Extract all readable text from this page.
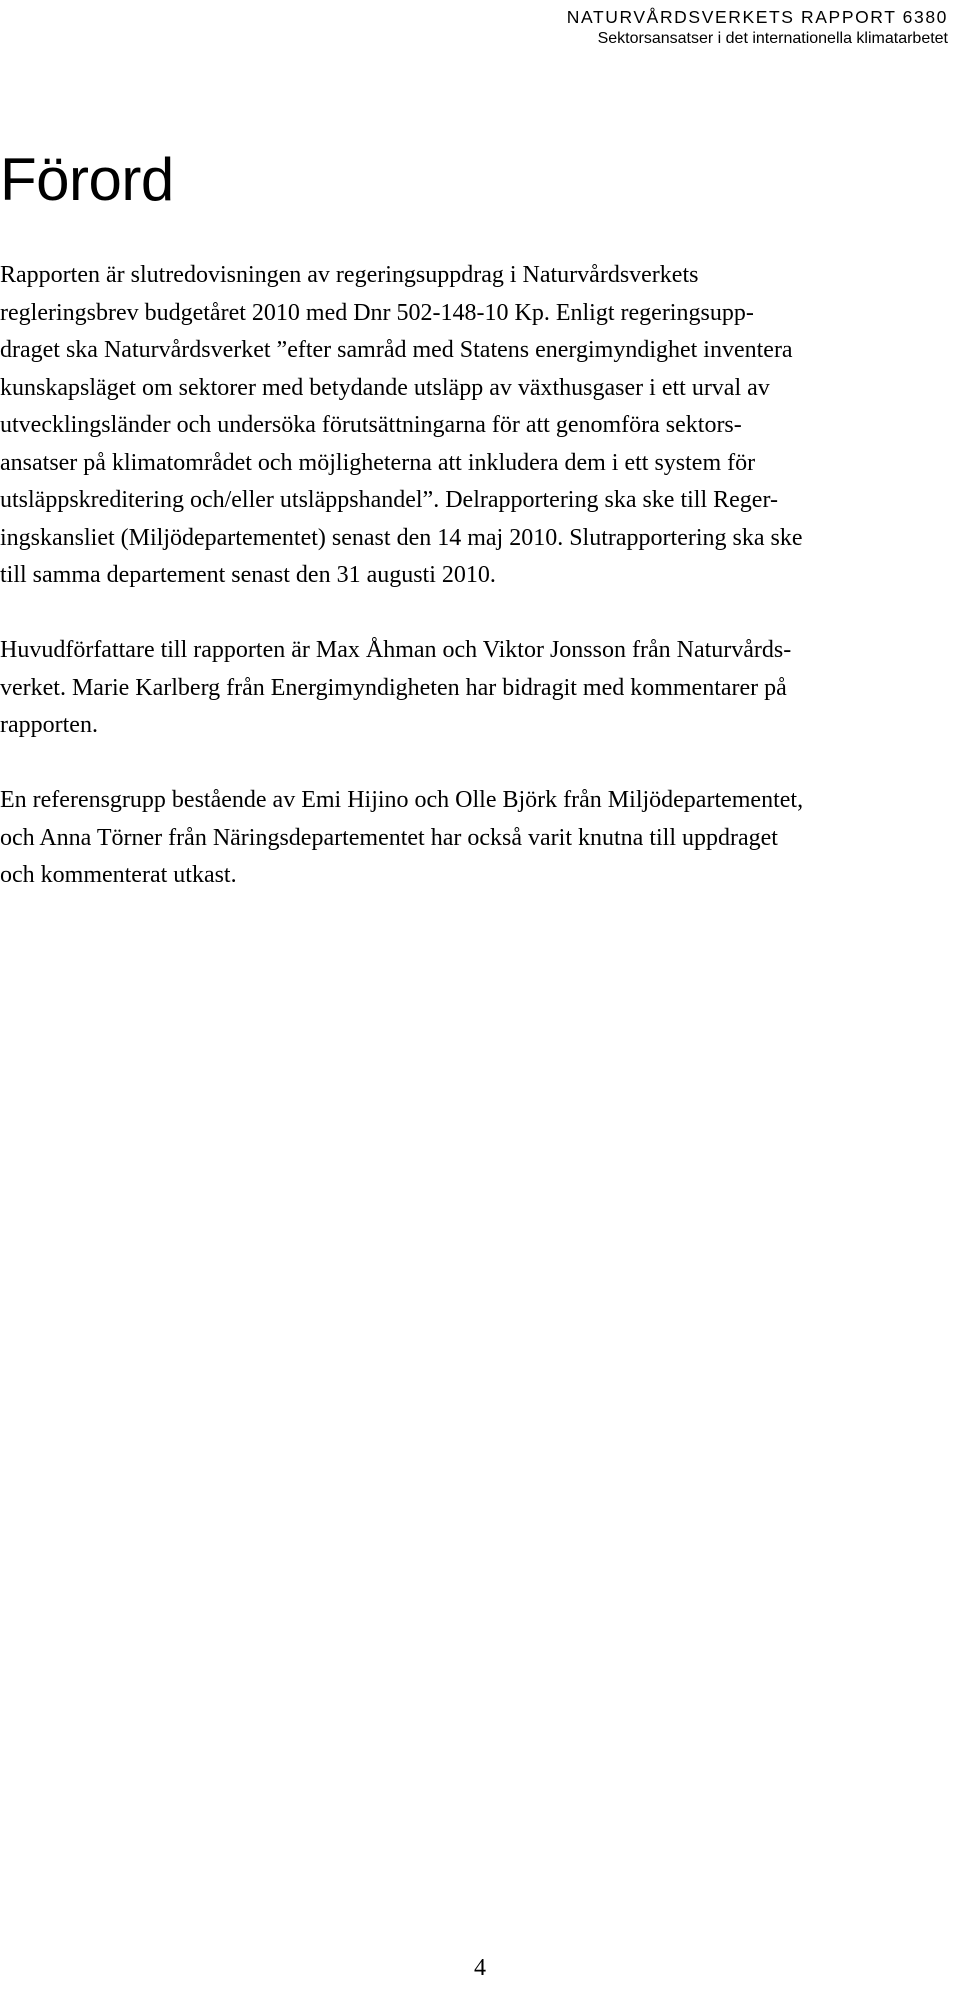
NATURVÅRDSVERKETS RAPPORT 6380
Sektorsansatser i det internationella klimatarbetet
Förord

Rapporten är slutredovisningen av regeringsuppdrag i Naturvårdsverkets
regleringsbrev budgetåret 2010 med Dnr 502-148-10 Kp. Enligt regeringsupp-
draget ska Naturvårdsverket ”efter samråd med Statens energimyndighet inventera
kunskapsläget om sektorer med betydande utsläpp av växthusgaser i ett urval av
utvecklingsländer och undersöka förutsättningarna för att genomföra sektors-
ansatser på klimatområdet och möjligheterna att inkludera dem i ett system för
utsläppskreditering och/eller utsläppshandel”. Delrapportering ska ske till Reger-
ingskansliet (Miljödepartementet) senast den 14 maj 2010. Slutrapportering ska ske
till samma departement senast den 31 augusti 2010.

Huvudförfattare till rapporten är Max Åhman och Viktor Jonsson från Naturvårds-
verket. Marie Karlberg från Energimyndigheten har bidragit med kommentarer på
rapporten.

En referensgrupp bestående av Emi Hijino och Olle Björk från Miljödepartementet,
och Anna Törner från Näringsdepartementet har också varit knutna till uppdraget
och kommenterat utkast.

4
